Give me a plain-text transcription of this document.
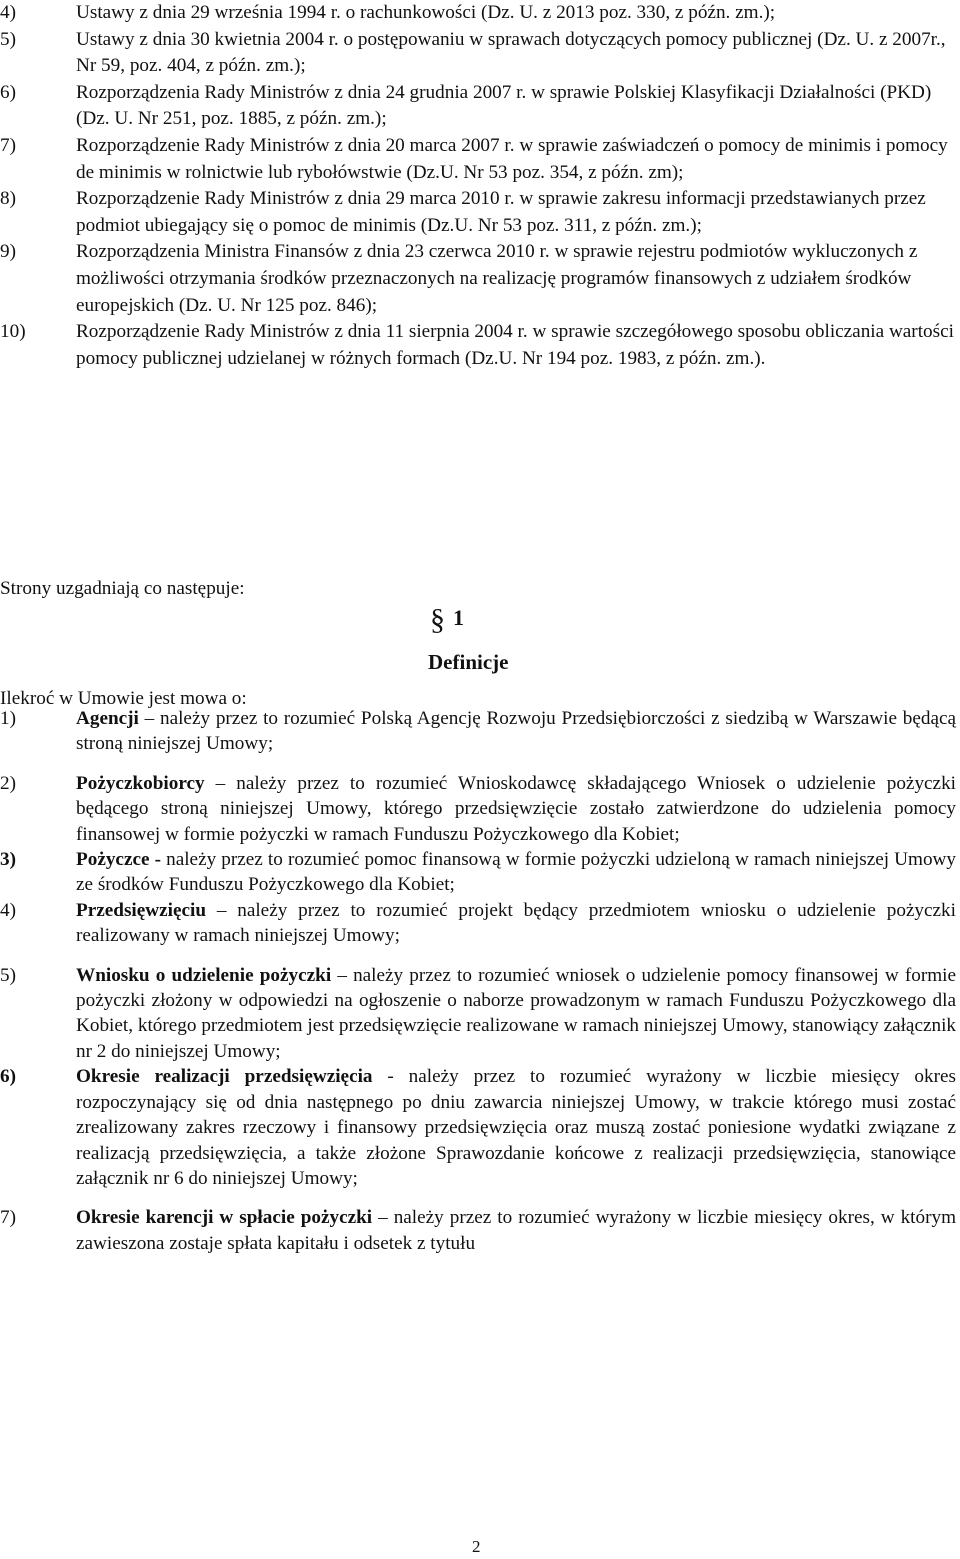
4)	Ustawy z dnia 29 września 1994 r. o rachunkowości (Dz. U. z 2013 poz. 330, z późn. zm.);
5)	Ustawy z dnia 30 kwietnia 2004 r. o postępowaniu w sprawach dotyczących pomocy publicznej (Dz. U. z 2007r., Nr 59, poz. 404, z późn. zm.);
6)	Rozporządzenia Rady Ministrów z dnia 24 grudnia 2007 r. w sprawie Polskiej Klasyfikacji Działalności (PKD) (Dz. U. Nr 251, poz. 1885, z późn. zm.);
7)	Rozporządzenie Rady Ministrów z dnia 20 marca 2007 r. w sprawie zaświadczeń o pomocy de minimis i pomocy de minimis w rolnictwie lub rybołówstwie (Dz.U. Nr 53 poz. 354, z późn. zm);
8)	Rozporządzenie Rady Ministrów z dnia 29 marca 2010 r. w sprawie zakresu informacji przedstawianych przez podmiot ubiegający się o pomoc de minimis (Dz.U. Nr 53 poz. 311, z późn. zm.);
9)	Rozporządzenia Ministra Finansów z dnia 23 czerwca 2010 r. w sprawie rejestru podmiotów wykluczonych z możliwości otrzymania środków przeznaczonych na realizację programów finansowych z udziałem środków europejskich (Dz. U. Nr 125 poz. 846);
10)	Rozporządzenie Rady Ministrów z dnia 11 sierpnia 2004 r. w sprawie szczegółowego sposobu obliczania wartości pomocy publicznej udzielanej w różnych formach (Dz.U. Nr 194 poz. 1983, z późn. zm.).
Strony uzgadniają co następuje:
§ 1
Definicje
Ilekroć w Umowie jest mowa o:
1)	Agencji – należy przez to rozumieć Polską Agencję Rozwoju Przedsiębiorczości z siedzibą w Warszawie będącą stroną niniejszej Umowy;
2)	Pożyczkobiorcy – należy przez to rozumieć Wnioskodawcę składającego Wniosek o udzielenie pożyczki będącego stroną niniejszej Umowy, którego przedsięwzięcie zostało zatwierdzone do udzielenia pomocy finansowej w formie pożyczki w ramach Funduszu Pożyczkowego dla Kobiet;
3)	Pożyczce - należy przez to rozumieć pomoc finansową w formie pożyczki udzieloną w ramach niniejszej Umowy ze środków Funduszu Pożyczkowego dla Kobiet;
4)	Przedsięwzięciu – należy przez to rozumieć projekt będący przedmiotem wniosku o udzielenie pożyczki realizowany w ramach niniejszej Umowy;
5)	Wniosku o udzielenie pożyczki – należy przez to rozumieć wniosek o udzielenie pomocy finansowej w formie pożyczki złożony w odpowiedzi na ogłoszenie o naborze prowadzonym w ramach Funduszu Pożyczkowego dla Kobiet, którego przedmiotem jest przedsięwzięcie realizowane w ramach niniejszej Umowy, stanowiący załącznik nr 2 do niniejszej Umowy;
6)	Okresie realizacji przedsięwzięcia - należy przez to rozumieć wyrażony w liczbie miesięcy okres rozpoczynający się od dnia następnego po dniu zawarcia niniejszej Umowy, w trakcie którego musi zostać zrealizowany zakres rzeczowy i finansowy przedsięwzięcia oraz muszą zostać poniesione wydatki związane z realizacją przedsięwzięcia, a także złożone Sprawozdanie końcowe z realizacji przedsięwzięcia, stanowiące załącznik nr 6 do niniejszej Umowy;
7)	Okresie karencji w spłacie pożyczki – należy przez to rozumieć wyrażony w liczbie miesięcy okres, w którym zawieszona zostaje spłata kapitału i odsetek z tytułu
2
